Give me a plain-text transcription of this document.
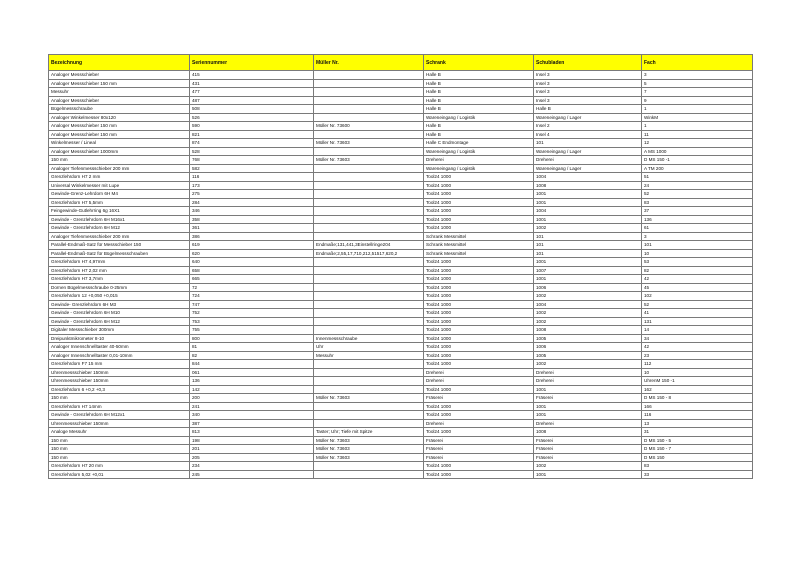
Bezeichnung	Seriennummer	Müller Nr.	Schrank	Schubladen	Fach
Analoger Messschieber	415		Halle B	Insel 3	3
Analoger Messschieber 150 mm	431		Halle B	Insel 3	5
Messuhr	477		Halle B	Insel 3	7
Analoger Messschieber	487		Halle B	Insel 3	9
Bügelmessschraube	508		Halle B	Halle B	1
Analoger Winkelmesser 80x120	526		Wareneingang / Logistik	Wareneingang / Lager	WinkM
Analoger Messschieber 150 mm	590	Müller Nr. 73600	Halle B	Insel 2	1
Analoger Messschieber 150 mm	821		Halle B	Insel 4	11
Winkelmesser / Lineal	874	Müller Nr. 73603	Halle C Endmontage	101	12
Analoger Messschieber 1000mm	528		Wareneingang / Logistik	Wareneingang / Lager	A MS 1000
150 mm	768	Müller Nr. 73603	Dreherei	Dreherei	D MS 150 -1
Analoger Tiefenmessschieber 200 mm	582		Wareneingang / Logistik	Wareneingang / Lager	A TM 200
Grenzlehrdorn H7 2 mm	116		Tool24 1000	1004	51
Universal Winkelmesser mit Lupe	173		Tool24 1000	1008	24
Gewinde-Grenz-Lehrdorn 6H M4	275		Tool24 1000	1001	52
Grenzlehrdorn H7 5,5mm	284		Tool24 1000	1001	83
Feingewinde-Gutlehrring 6g 16X1	346		Tool24 1000	1004	37
Gewinde - Grenzlehrdorn 6H M16x1	358		Tool24 1000	1001	136
Gewinde - Grenzlehrdorn 6H M12	361		Tool24 1000	1002	61
Analoger Tiefenmessschieber 200 mm	386		Schrank Messmittel	101	3
Parallel-Endmaß-Satz für Messschieber 150	619	Endmaße;131,441,3Einstellringe204	Schrank Messmittel	101	101
Parallel-Endmaß-Satz für Bügelmessschrauben	620	Endmaße;2,55,17,710,212,51517,620,2	Schrank Messmittel	101	10
Grenzlehrdorn H7 4,97mm	640		Tool24 1000	1001	53
Grenzlehrdorn H7 2,02 mm	658		Tool24 1000	1007	82
Grenzlehrdorn H7 3,7mm	665		Tool24 1000	1001	42
Dornen Bügelmessschraube 0-25mm	72		Tool24 1000	1006	45
Grenzlehrdorn 12 +0,050 +0,015	724		Tool24 1000	1002	102
Gewinde- Grenzlehrdorn 6H M3	747		Tool24 1000	1004	52
Gewinde - Grenzlehrdorn 6H M10	752		Tool24 1000	1002	41
Gewinde - Grenzlehrdorn 6H M12	753		Tool24 1000	1002	131
Digitaler Messschieber 300mm	755		Tool24 1000	1008	14
Dreipunktmikrometer 8-10	800	Innenmessschraube	Tool24 1000	1005	34
Analoger Innenschnelltaster 40-50mm	81	Uhr	Tool24 1000	1006	42
Analoger Innenschnelltaster 0,01-10mm	82	Messuhr	Tool24 1000	1005	23
Grenzlehrdorn F7 15 mm	844		Tool24 1000	1002	112
Uhrenmessschieber 150mm	061		Dreherei	Dreherei	10
Uhrenmessschieber 150mm	136		Dreherei	Dreherei	UhrenM 150 -1
Grenzlehrdorn 6 +0,2 +0,3	142		Tool24 1000	1001	162
150 mm	200	Müller Nr. 73603	Fräserei	Fräserei	D MS 150 - 8
Grenzlehrdorn H7 14mm	241		Tool24 1000	1001	166
Gewinde - Grenzlehrdorn 6H M12x1	340		Tool24 1000	1001	116
Uhrenmessschieber 150mm	387		Dreherei	Dreherei	13
Analoge Messuhr	813	Taster; Uhr; Tiefe mit Spitze	Tool24 1000	1008	31
150 mm	198	Müller Nr. 73603	Fräserei	Fräserei	D MS 150 - 5
150 mm	201	Müller Nr. 73603	Fräserei	Fräserei	D MS 150 - 7
150 mm	205	Müller Nr. 73603	Fräserei	Fräserei	D MS 150
Grenzlehrdorn H7 20 mm	234		Tool24 1000	1002	83
Grenzlehrdorn 5,02 +0,01	245		Tool24 1000	1001	33
